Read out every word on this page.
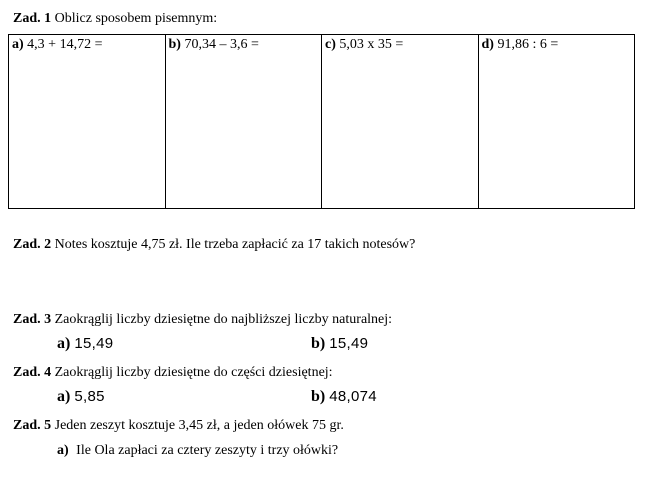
Zad. 1 Oblicz sposobem pisemnym:
a) 4,3 + 14,72 =	b) 70,34 – 3,6 =	c) 5,03 x 35 =	d) 91,86 : 6 =
Zad. 2 Notes kosztuje 4,75 zł. Ile trzeba zapłacić za 17 takich notesów?
Zad. 3 Zaokrąglij liczby dziesiętne do najbliższej liczby naturalnej:
a) 15,49	b) 15,49
Zad. 4 Zaokrąglij liczby dziesiętne do części dziesiętnej:
a) 5,85	b) 48,074
Zad. 5 Jeden zeszyt kosztuje 3,45 zł, a jeden ołówek 75 gr.
a) Ile Ola zapłaci za cztery zeszyty i trzy ołówki?
